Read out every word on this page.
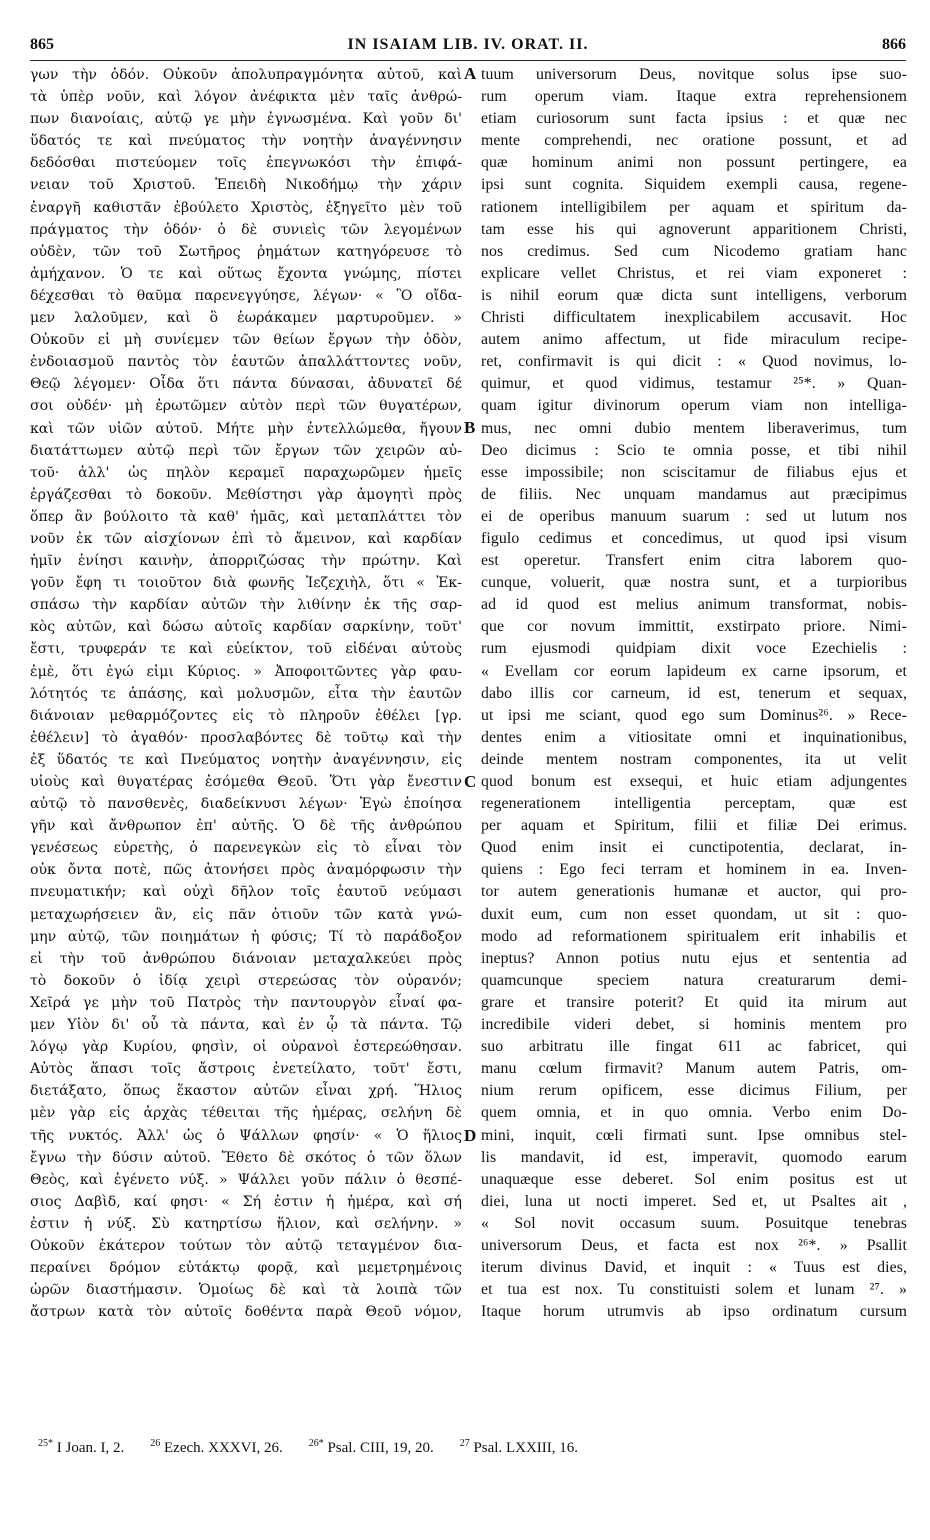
865	IN ISAIAM LIB. IV. ORAT. II.	866
γων τὴν ὁδόν. Οὐκοῦν ἀπολυπραγμόνητα αὐτοῦ, καὶ
τὰ ὑπὲρ νοῦν, καὶ λόγον ἀνέφικτα μὲν ταῖς ἀνθρώ-
πων διανοίαις, αὐτῷ γε μὴν ἐγνωσμένα. Καὶ γοῦν δι'
ὕδατός τε καὶ πνεύματος τὴν νοητὴν ἀναγέννησιν
δεδόσθαι πιστεύομεν τοῖς ἐπεγνωκόσι τὴν ἐπιφά-
νειαν τοῦ Χριστοῦ. Ἐπειδὴ Νικοδήμῳ τὴν χάριν
ἐναργῆ καθιστᾶν ἐβούλετο Χριστὸς, ἐξηγεῖτο μὲν τοῦ
πράγματος τὴν ὁδόν· ὁ δὲ συνιεὶς τῶν λεγομένων
οὐδὲν, τῶν τοῦ Σωτῆρος ῥημάτων κατηγόρευσε τὸ
ἀμήχανον. Ὁ τε καὶ οὕτως ἔχοντα γνώμης, πίστει
δέχεσθαι τὸ θαῦμα παρενεγγύησε, λέγων· « Ὃ οἴδα-
μεν λαλοῦμεν, καὶ ὃ ἑωράκαμεν μαρτυροῦμεν. »
Οὐκοῦν εἰ μὴ συνίεμεν τῶν θείων ἔργων τὴν ὁδὸν,
ἐνδοιασμοῦ παντὸς τὸν ἑαυτῶν ἀπαλλάττοντες νοῦν,
Θεῷ λέγομεν· Οἶδα ὅτι πάντα δύνασαι, ἀδυνατεῖ δέ
σοι οὐδέν· μὴ ἐρωτῶμεν αὐτὸν περὶ τῶν θυγατέρων,
καὶ τῶν υἱῶν αὐτοῦ. Μήτε μὴν ἐντελλώμεθα, ἤγουν
διατάττωμεν αὐτῷ περὶ τῶν ἔργων τῶν χειρῶν αὐ-
τοῦ· ἀλλ' ὡς πηλὸν κεραμεῖ παραχωρῶμεν ἡμεῖς
ἐργάζεσθαι τὸ δοκοῦν. Μεθίστησι γὰρ ἀμογητὶ πρὸς
ὅπερ ἂν βούλοιτο τὰ καθ' ἡμᾶς, καὶ μεταπλάττει τὸν
νοῦν ἐκ τῶν αἰσχίονων ἐπὶ τὸ ἄμεινον, καὶ καρδίαν
ἡμῖν ἐνίησι καινὴν, ἀπορριζώσας τὴν πρώτην. Καὶ
γοῦν ἔφη τι τοιοῦτον διὰ φωνῆς Ἰεζεχιὴλ, ὅτι « Ἐκ-
σπάσω τὴν καρδίαν αὐτῶν τὴν λιθίνην ἐκ τῆς σαρ-
κὸς αὐτῶν, καὶ δώσω αὐτοῖς καρδίαν σαρκίνην, τοῦτ'
ἔστι, τρυφεράν τε καὶ εὐείκτον, τοῦ εἰδέναι αὐτοὺς
ἐμὲ, ὅτι ἐγώ εἰμι Κύριος. » Ἀποφοιτῶντες γὰρ φαυ-
λότητός τε ἁπάσης, καὶ μολυσμῶν, εἶτα τὴν ἑαυτῶν
διάνοιαν μεθαρμόζοντες εἰς τὸ πληροῦν ἐθέλει [γρ.
ἐθέλειν] τὸ ἀγαθόν· προσλαβόντες δὲ τοῦτῳ καὶ τὴν
ἐξ ὕδατός τε καὶ Πνεύματος νοητὴν ἀναγέννησιν, εἰς
υἱοὺς καὶ θυγατέρας ἐσόμεθα Θεοῦ. Ὅτι γὰρ ἔνεστιν
αὐτῷ τὸ πανσθενὲς, διαδείκνυσι λέγων· Ἐγὼ ἐποίησα
γῆν καὶ ἄνθρωπον ἐπ' αὐτῆς. Ὁ δὲ τῆς ἀνθρώπου
γενέσεως εὑρετὴς, ὁ παρενεγκὼν εἰς τὸ εἶναι τὸν
οὐκ ὄντα ποτὲ, πῶς ἀτονήσει πρὸς ἀναμόρφωσιν τὴν
πνευματικήν; καὶ οὐχὶ δῆλον τοῖς ἑαυτοῦ νεύμασι
μεταχωρήσειεν ἂν, εἰς πᾶν ὁτιοῦν τῶν κατὰ γνώ-
μην αὐτῷ, τῶν ποιημάτων ἡ φύσις; Τί τὸ παράδοξον
εἰ τὴν τοῦ ἀνθρώπου διάνοιαν μεταχαλκεύει πρὸς
τὸ δοκοῦν ὁ ἰδίᾳ χειρὶ στερεώσας τὸν οὐρανόν;
Χεῖρά γε μὴν τοῦ Πατρὸς τὴν παντουργὸν εἶναί φα-
μεν Υἱὸν δι' οὗ τὰ πάντα, καὶ ἐν ᾧ τὰ πάντα. Τῷ
λόγῳ γὰρ Κυρίου, φησὶν, οἱ οὐρανοὶ ἐστερεώθησαν.
Αὐτὸς ἅπασι τοῖς ἄστροις ἐνετείλατο, τοῦτ' ἔστι,
διετάξατο, ὅπως ἕκαστον αὐτῶν εἶναι χρή. Ἥλιος
μὲν γὰρ εἰς ἀρχὰς τέθειται τῆς ἡμέρας, σελήνη δὲ
τῆς νυκτός. Ἀλλ' ὡς ὁ Ψάλλων φησίν· « Ὁ ἥλιος
ἔγνω τὴν δύσιν αὐτοῦ. Ἔθετο δὲ σκότος ὁ τῶν ὅλων
Θεὸς, καὶ ἐγένετο νύξ. » Ψάλλει γοῦν πάλιν ὁ θεσπέ-
σιος Δαβὶδ, καί φησι· « Σή ἐστιν ἡ ἡμέρα, καὶ σή
ἐστιν ἡ νύξ. Σὺ κατηρτίσω ἥλιον, καὶ σελήνην. »
Οὐκοῦν ἑκάτερον τούτων τὸν αὐτῷ τεταγμένον δια-
περαίνει δρόμον εὐτάκτῳ φορᾷ, καὶ μεμετρημένοις
ὡρῶν διαστήμασιν. Ὁμοίως δὲ καὶ τὰ λοιπὰ τῶν
ἄστρων κατὰ τὸν αὐτοῖς δοθέντα παρὰ Θεοῦ νόμον,
tuum universorum Deus, novitque solus ipse suo-
rum operum viam. Itaque extra reprehensionem
etiam curiosorum sunt facta ipsius : et quæ nec
mente comprehendi, nec oratione possunt, et ad
quæ hominum animi non possunt pertingere, ea
ipsi sunt cognita. Siquidem exempli causa, regene-
rationem intelligibilem per aquam et spiritum da-
tam esse his qui agnoverunt apparitionem Christi,
nos credimus. Sed cum Nicodemo gratiam hanc
explicare vellet Christus, et rei viam exponeret :
is nihil eorum quæ dicta sunt intelligens, verborum
Christi difficultatem inexplicabilem accusavit. Hoc
autem animo affectum, ut fide miraculum recipe-
ret, confirmavit is qui dicit : « Quod novimus, lo-
quimur, et quod vidimus, testamur ²⁵*. » Quan-
quam igitur divinorum operum viam non intelliga-
mus, nec omni dubio mentem liberaverimus, tum
Deo dicimus : Scio te omnia posse, et tibi nihil
esse impossibile; non sciscitamur de filiabus ejus et
de filiis. Nec unquam mandamus aut præcipimus
ei de operibus manuum suarum : sed ut lutum nos
figulo cedimus et concedimus, ut quod ipsi visum
est operetur. Transfert enim citra laborem quo-
cunque, voluerit, quæ nostra sunt, et a turpioribus
ad id quod est melius animum transformat, nobis-
que cor novum immittit, exstirpato priore. Nimi-
rum ejusmodi quidpiam dixit voce Ezechielis :
« Evellam cor eorum lapideum ex carne ipsorum, et
dabo illis cor carneum, id est, tenerum et sequax,
ut ipsi me sciant, quod ego sum Dominus²⁶. » Rece-
dentes enim a vitiositate omni et inquinationibus,
deinde mentem nostram componentes, ita ut velit
quod bonum est exsequi, et huic etiam adjungentes
regenerationem intelligentia perceptam, quæ est
per aquam et Spiritum, filii et filiæ Dei erimus.
Quod enim insit ei cunctipotentia, declarat, in-
quiens : Ego feci terram et hominem in ea. Inven-
tor autem generationis humanæ et auctor, qui pro-
duxit eum, cum non esset quondam, ut sit : quo-
modo ad reformationem spiritualem erit inhabilis et
ineptus? Annon potius nutu ejus et sententia ad
quamcunque speciem natura creaturarum demi-
grare et transire poterit? Et quid ita mirum aut
incredibile videri debet, si hominis mentem pro
suo arbitratu ille fingat 611 ac fabricet, qui
manu cœlum firmavit? Manum autem Patris, om-
nium rerum opificem, esse dicimus Filium, per
quem omnia, et in quo omnia. Verbo enim Do-
mini, inquit, cœli firmati sunt. Ipse omnibus stel-
lis mandavit, id est, imperavit, quomodo earum
unaquæque esse deberet. Sol enim positus est ut
diei, luna ut nocti imperet. Sed et, ut Psaltes ait ,
« Sol novit occasum suum. Posuitque tenebras
universorum Deus, et facta est nox ²⁶*. » Psallit
iterum divinus David, et inquit : « Tuus est dies,
et tua est nox. Tu constituisti solem et lunam ²⁷. »
Itaque horum utrumvis ab ipso ordinatum cursum
A
B
C
D
$^{25*}$ I Joan. I, 2.	$^{26}$ Ezech. XXXVI, 26.	$^{26*}$ Psal. CIII, 19, 20.	$^{27}$ Psal. LXXIII, 16.
